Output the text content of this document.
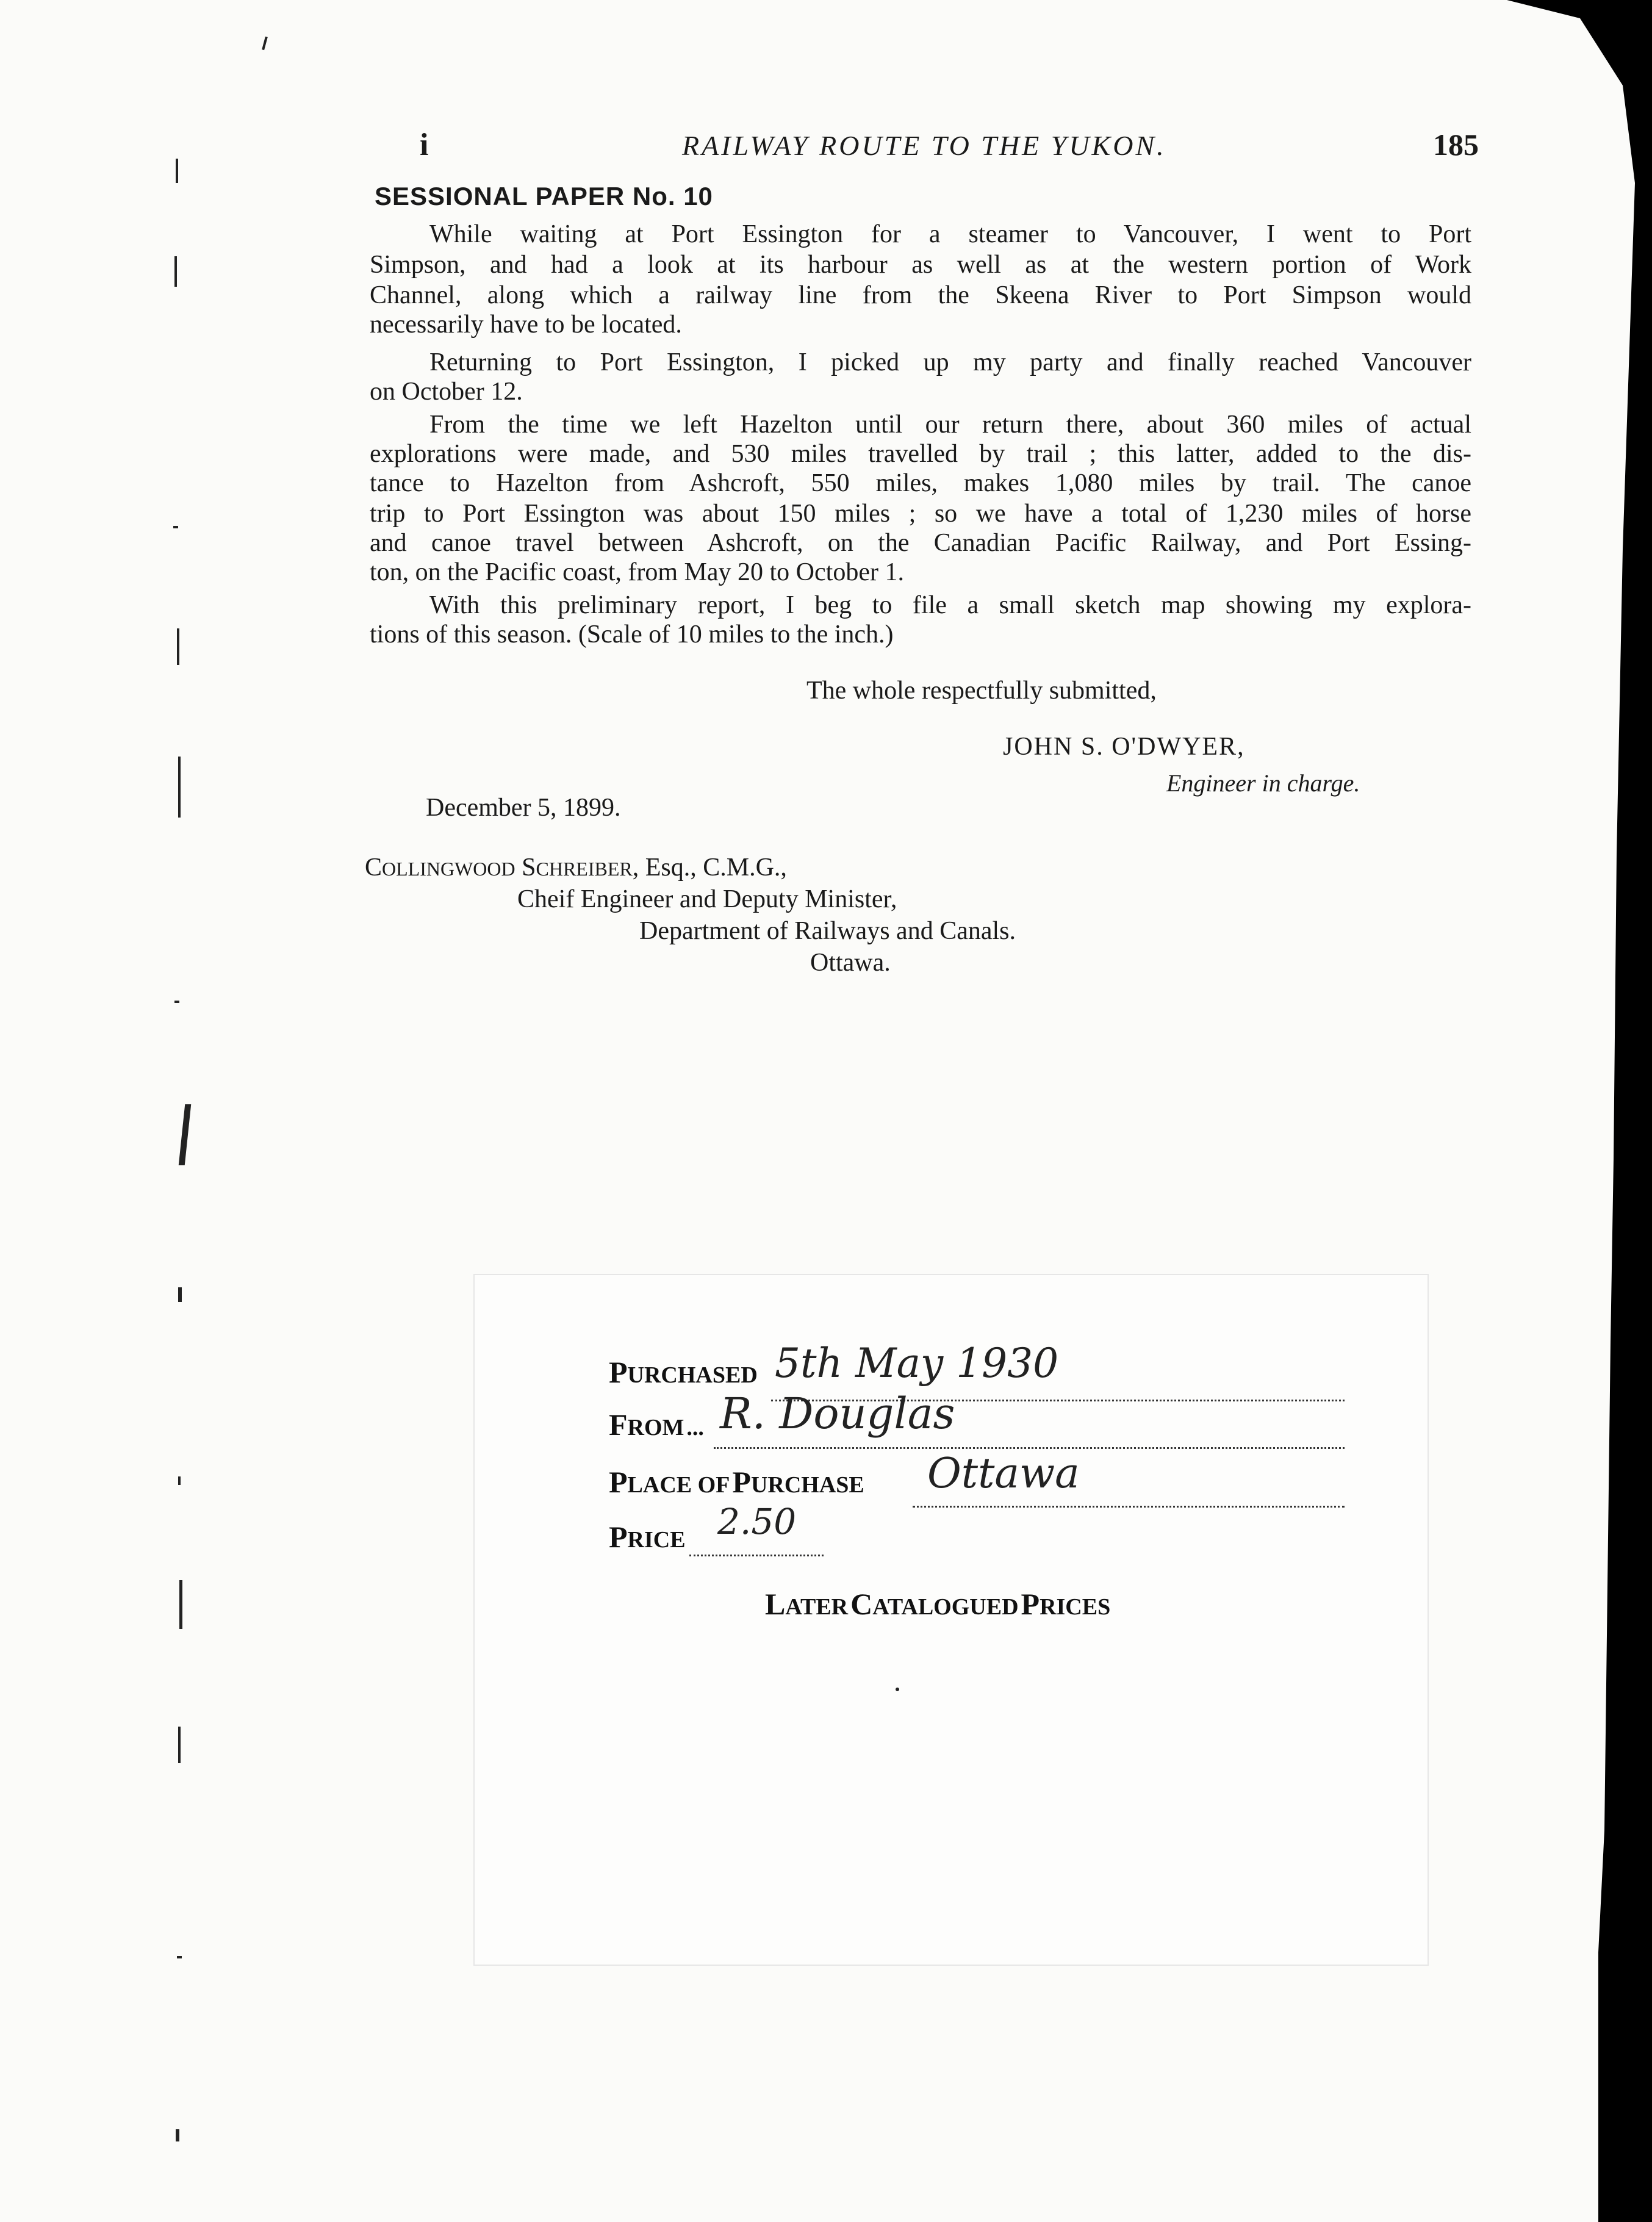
i	RAILWAY ROUTE TO THE YUKON.	185
SESSIONAL PAPER No. 10
While waiting at Port Essington for a steamer to Vancouver, I went to Port
Simpson, and had a look at its harbour as well as at the western portion of Work
Channel, along which a railway line from the Skeena River to Port Simpson would
necessarily have to be located.
Returning to Port Essington, I picked up my party and finally reached Vancouver
on October 12.
From the time we left Hazelton until our return there, about 360 miles of actual
explorations were made, and 530 miles travelled by trail ; this latter, added to the dis-
tance to Hazelton from Ashcroft, 550 miles, makes 1,080 miles by trail. The canoe
trip to Port Essington was about 150 miles ; so we have a total of 1,230 miles of horse
and canoe travel between Ashcroft, on the Canadian Pacific Railway, and Port Essing-
ton, on the Pacific coast, from May 20 to October 1.
With this preliminary report, I beg to file a small sketch map showing my explora-
tions of this season. (Scale of 10 miles to the inch.)
The whole respectfully submitted,
JOHN S. O'DWYER,
Engineer in charge.
December 5, 1899.
COLLINGWOOD SCHREIBER, Esq., C.M.G.,
Cheif Engineer and Deputy Minister,
Department of Railways and Canals.
Ottawa.
PURCHASED 5th May 1930
FROM ... R. Douglas
PLACE OF PURCHASE Ottawa
PRICE 2.50
LATER CATALOGUED PRICES
